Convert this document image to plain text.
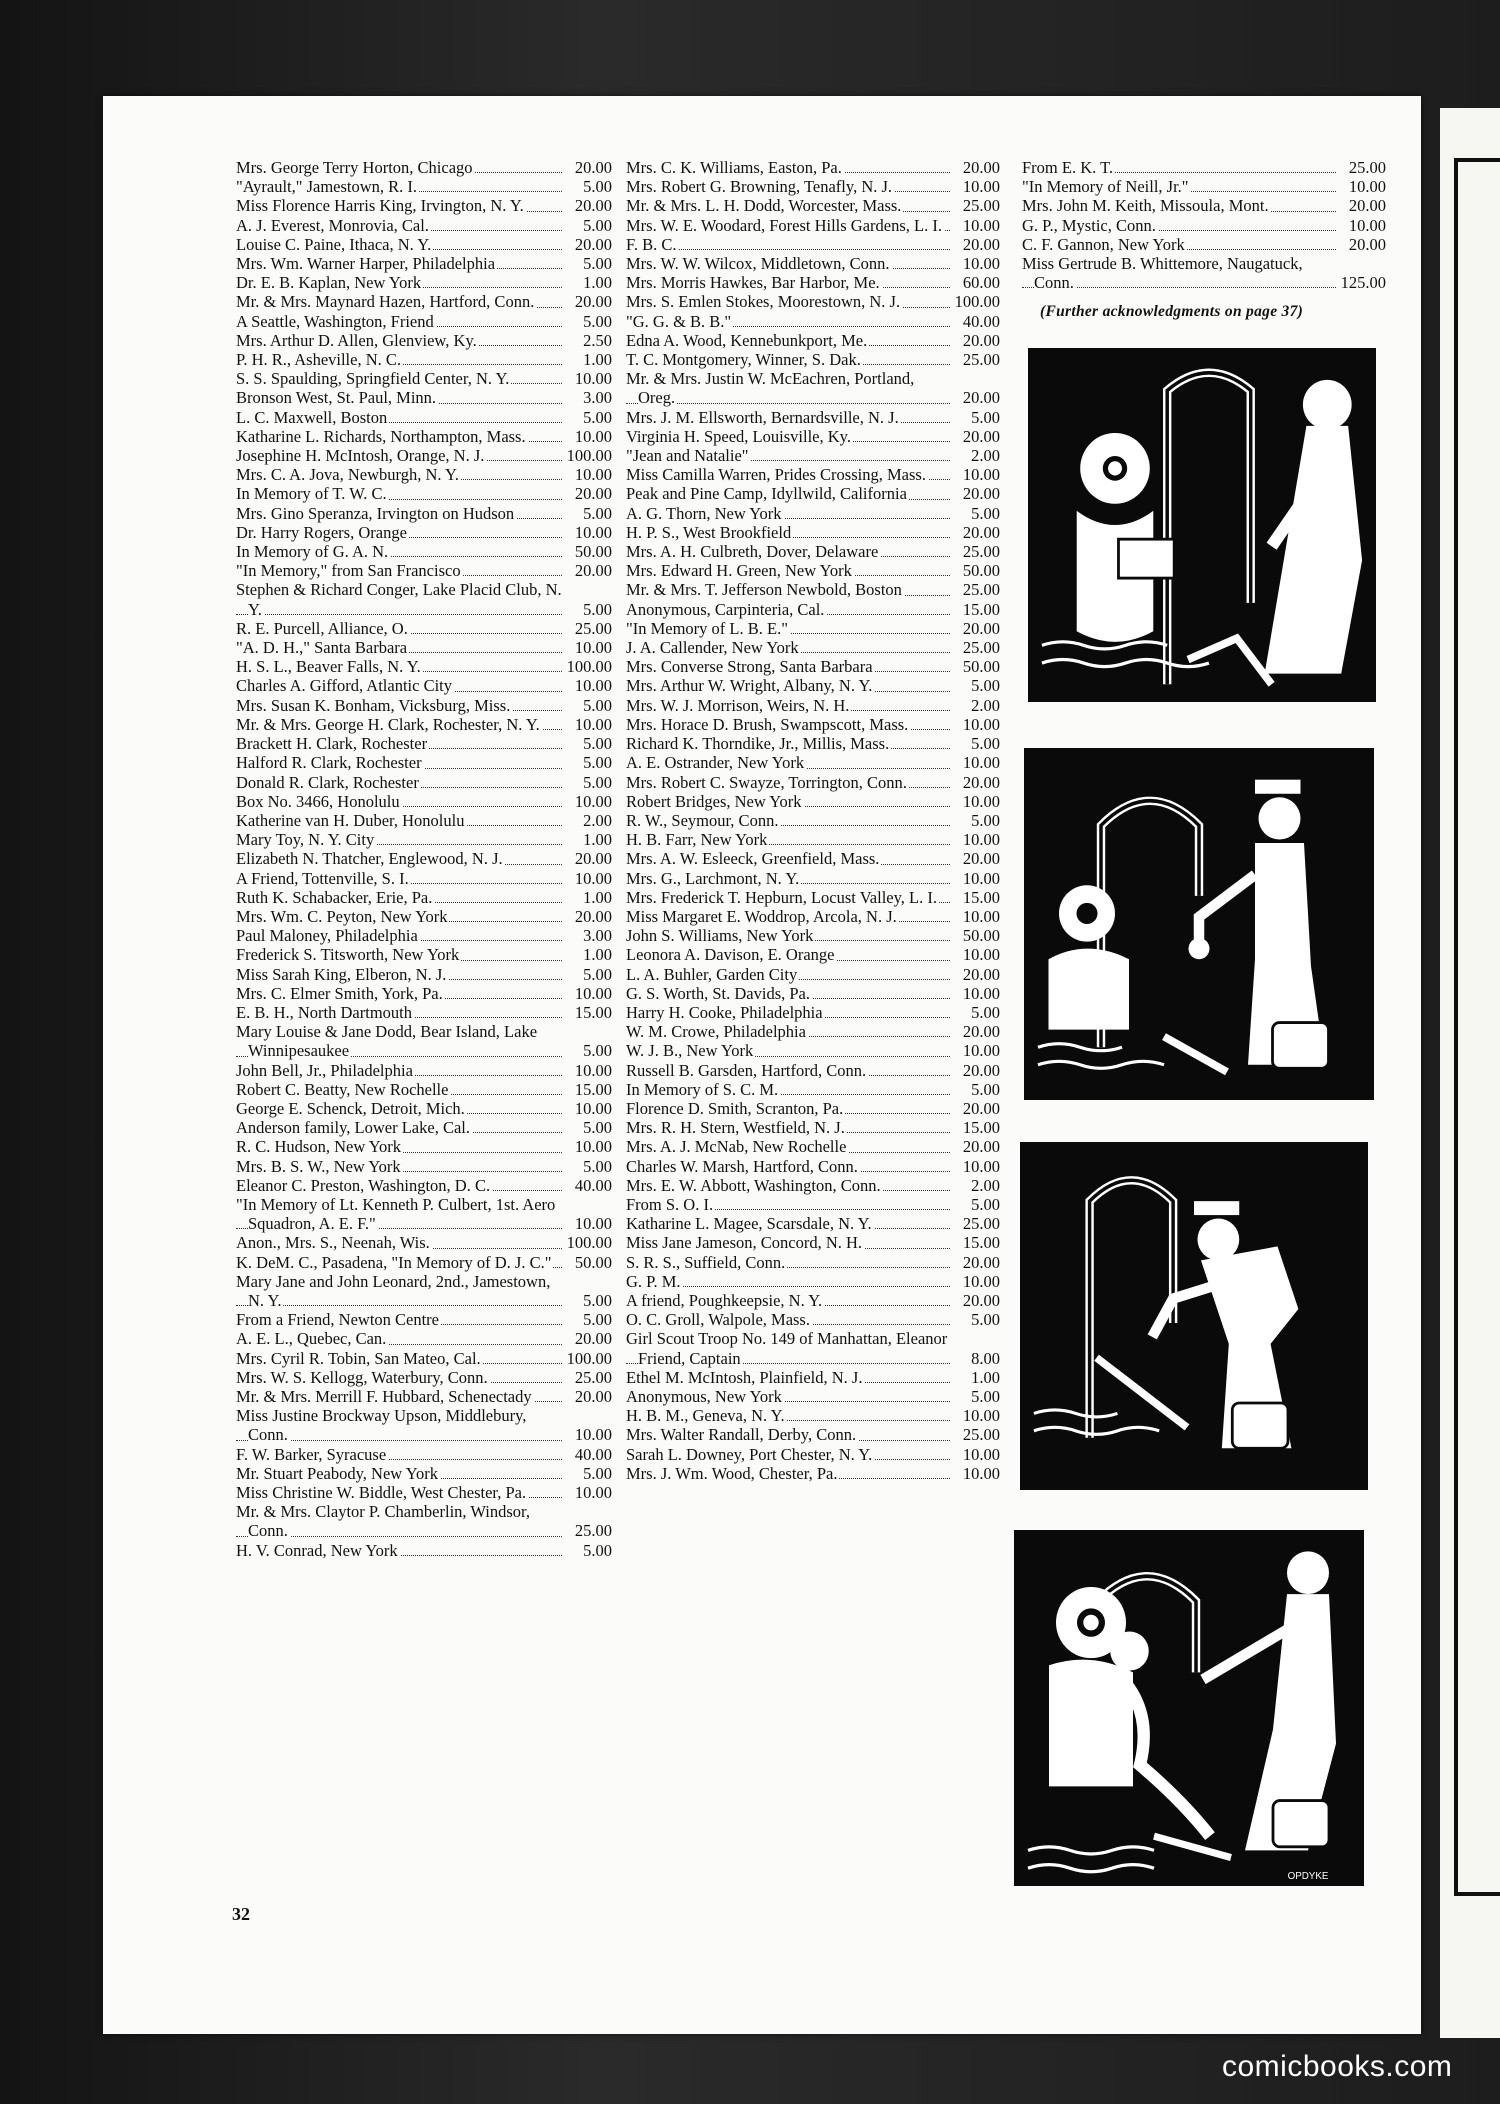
Mrs. George Terry Horton, Chicago	20.00
"Ayrault," Jamestown, R. I.	5.00
Miss Florence Harris King, Irvington, N. Y.	20.00
A. J. Everest, Monrovia, Cal.	5.00
Louise C. Paine, Ithaca, N. Y.	20.00
Mrs. Wm. Warner Harper, Philadelphia	5.00
Dr. E. B. Kaplan, New York	1.00
Mr. & Mrs. Maynard Hazen, Hartford, Conn.	20.00
A Seattle, Washington, Friend	5.00
Mrs. Arthur D. Allen, Glenview, Ky.	2.50
P. H. R., Asheville, N. C.	1.00
S. S. Spaulding, Springfield Center, N. Y.	10.00
Bronson West, St. Paul, Minn.	3.00
L. C. Maxwell, Boston	5.00
Katharine L. Richards, Northampton, Mass.	10.00
Josephine H. McIntosh, Orange, N. J.	100.00
Mrs. C. A. Jova, Newburgh, N. Y.	10.00
In Memory of T. W. C.	20.00
Mrs. Gino Speranza, Irvington on Hudson	5.00
Dr. Harry Rogers, Orange	10.00
In Memory of G. A. N.	50.00
"In Memory," from San Francisco	20.00
Stephen & Richard Conger, Lake Placid Club, N. Y.	5.00
R. E. Purcell, Alliance, O.	25.00
"A. D. H.," Santa Barbara	10.00
H. S. L., Beaver Falls, N. Y.	100.00
Charles A. Gifford, Atlantic City	10.00
Mrs. Susan K. Bonham, Vicksburg, Miss.	5.00
Mr. & Mrs. George H. Clark, Rochester, N. Y.	10.00
Brackett H. Clark, Rochester	5.00
Halford R. Clark, Rochester	5.00
Donald R. Clark, Rochester	5.00
Box No. 3466, Honolulu	10.00
Katherine van H. Duber, Honolulu	2.00
Mary Toy, N. Y. City	1.00
Elizabeth N. Thatcher, Englewood, N. J.	20.00
A Friend, Tottenville, S. I.	10.00
Ruth K. Schabacker, Erie, Pa.	1.00
Mrs. Wm. C. Peyton, New York	20.00
Paul Maloney, Philadelphia	3.00
Frederick S. Titsworth, New York	1.00
Miss Sarah King, Elberon, N. J.	5.00
Mrs. C. Elmer Smith, York, Pa.	10.00
E. B. H., North Dartmouth	15.00
Mary Louise & Jane Dodd, Bear Island, Lake Winnipesaukee	5.00
John Bell, Jr., Philadelphia	10.00
Robert C. Beatty, New Rochelle	15.00
George E. Schenck, Detroit, Mich.	10.00
Anderson family, Lower Lake, Cal.	5.00
R. C. Hudson, New York	10.00
Mrs. B. S. W., New York	5.00
Eleanor C. Preston, Washington, D. C.	40.00
"In Memory of Lt. Kenneth P. Culbert, 1st. Aero Squadron, A. E. F."	10.00
Anon., Mrs. S., Neenah, Wis.	100.00
K. DeM. C., Pasadena, "In Memory of D. J. C."	50.00
Mary Jane and John Leonard, 2nd., Jamestown, N. Y.	5.00
From a Friend, Newton Centre	5.00
A. E. L., Quebec, Can.	20.00
Mrs. Cyril R. Tobin, San Mateo, Cal.	100.00
Mrs. W. S. Kellogg, Waterbury, Conn.	25.00
Mr. & Mrs. Merrill F. Hubbard, Schenectady	20.00
Miss Justine Brockway Upson, Middlebury, Conn.	10.00
F. W. Barker, Syracuse	40.00
Mr. Stuart Peabody, New York	5.00
Miss Christine W. Biddle, West Chester, Pa.	10.00
Mr. & Mrs. Claytor P. Chamberlin, Windsor, Conn.	25.00
H. V. Conrad, New York	5.00
Mrs. C. K. Williams, Easton, Pa.	20.00
Mrs. Robert G. Browning, Tenafly, N. J.	10.00
Mr. & Mrs. L. H. Dodd, Worcester, Mass.	25.00
Mrs. W. E. Woodard, Forest Hills Gardens, L. I.	10.00
F. B. C.	20.00
Mrs. W. W. Wilcox, Middletown, Conn.	10.00
Mrs. Morris Hawkes, Bar Harbor, Me.	60.00
Mrs. S. Emlen Stokes, Moorestown, N. J.	100.00
"G. G. & B. B."	40.00
Edna A. Wood, Kennebunkport, Me.	20.00
T. C. Montgomery, Winner, S. Dak.	25.00
Mr. & Mrs. Justin W. McEachren, Portland, Oreg.	20.00
Mrs. J. M. Ellsworth, Bernardsville, N. J.	5.00
Virginia H. Speed, Louisville, Ky.	20.00
"Jean and Natalie"	2.00
Miss Camilla Warren, Prides Crossing, Mass.	10.00
Peak and Pine Camp, Idyllwild, California	20.00
A. G. Thorn, New York	5.00
H. P. S., West Brookfield	20.00
Mrs. A. H. Culbreth, Dover, Delaware	25.00
Mrs. Edward H. Green, New York	50.00
Mr. & Mrs. T. Jefferson Newbold, Boston	25.00
Anonymous, Carpinteria, Cal.	15.00
"In Memory of L. B. E."	20.00
J. A. Callender, New York	25.00
Mrs. Converse Strong, Santa Barbara	50.00
Mrs. Arthur W. Wright, Albany, N. Y.	5.00
Mrs. W. J. Morrison, Weirs, N. H.	2.00
Mrs. Horace D. Brush, Swampscott, Mass.	10.00
Richard K. Thorndike, Jr., Millis, Mass.	5.00
A. E. Ostrander, New York	10.00
Mrs. Robert C. Swayze, Torrington, Conn.	20.00
Robert Bridges, New York	10.00
R. W., Seymour, Conn.	5.00
H. B. Farr, New York	10.00
Mrs. A. W. Esleeck, Greenfield, Mass.	20.00
Mrs. G., Larchmont, N. Y.	10.00
Mrs. Frederick T. Hepburn, Locust Valley, L. I.	15.00
Miss Margaret E. Woddrop, Arcola, N. J.	10.00
John S. Williams, New York	50.00
Leonora A. Davison, E. Orange	10.00
L. A. Buhler, Garden City	20.00
G. S. Worth, St. Davids, Pa.	10.00
Harry H. Cooke, Philadelphia	5.00
W. M. Crowe, Philadelphia	20.00
W. J. B., New York	10.00
Russell B. Garsden, Hartford, Conn.	20.00
In Memory of S. C. M.	5.00
Florence D. Smith, Scranton, Pa.	20.00
Mrs. R. H. Stern, Westfield, N. J.	15.00
Mrs. A. J. McNab, New Rochelle	20.00
Charles W. Marsh, Hartford, Conn.	10.00
Mrs. E. W. Abbott, Washington, Conn.	2.00
From S. O. I.	5.00
Katharine L. Magee, Scarsdale, N. Y.	25.00
Miss Jane Jameson, Concord, N. H.	15.00
S. R. S., Suffield, Conn.	20.00
G. P. M.	10.00
A friend, Poughkeepsie, N. Y.	20.00
O. C. Groll, Walpole, Mass.	5.00
Girl Scout Troop No. 149 of Manhattan, Eleanor Friend, Captain	8.00
Ethel M. McIntosh, Plainfield, N. J.	1.00
Anonymous, New York	5.00
H. B. M., Geneva, N. Y.	10.00
Mrs. Walter Randall, Derby, Conn.	25.00
Sarah L. Downey, Port Chester, N. Y.	10.00
Mrs. J. Wm. Wood, Chester, Pa.	10.00
From E. K. T.	25.00
"In Memory of Neill, Jr."	10.00
Mrs. John M. Keith, Missoula, Mont.	20.00
G. P., Mystic, Conn.	10.00
C. F. Gannon, New York	20.00
Miss Gertrude B. Whittemore, Naugatuck, Conn.	125.00
(Further acknowledgments on page 37)
OPDYKE
32
comicbooks.com
